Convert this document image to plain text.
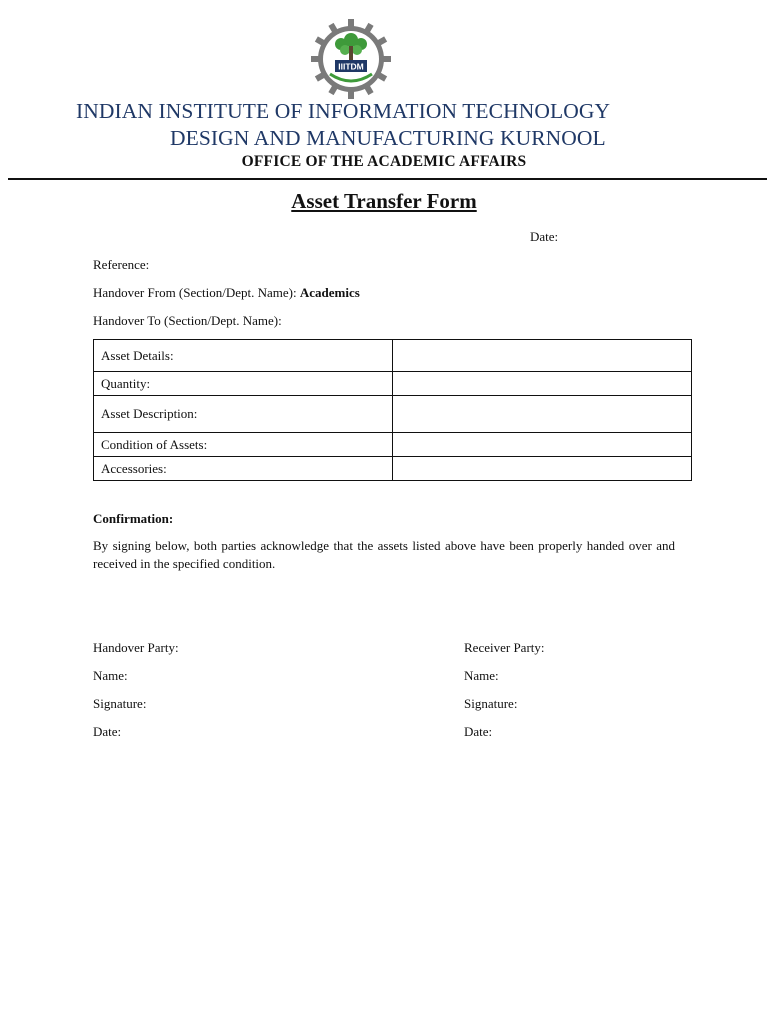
IIITDM
INDIAN INSTITUTE OF INFORMATION TECHNOLOGY
DESIGN AND MANUFACTURING KURNOOL
OFFICE OF THE ACADEMIC AFFAIRS
Asset Transfer Form
Date:
Reference:
Handover From (Section/Dept. Name): Academics
Handover To (Section/Dept. Name):
Asset Details:	
Quantity:	
Asset Description:	
Condition of Assets:	
Accessories:	
Confirmation:
By signing below, both parties acknowledge that the assets listed above have been properly handed over and received in the specified condition.
Handover Party:
Name:
Signature:
Date:
Receiver Party:
Name:
Signature:
Date:
